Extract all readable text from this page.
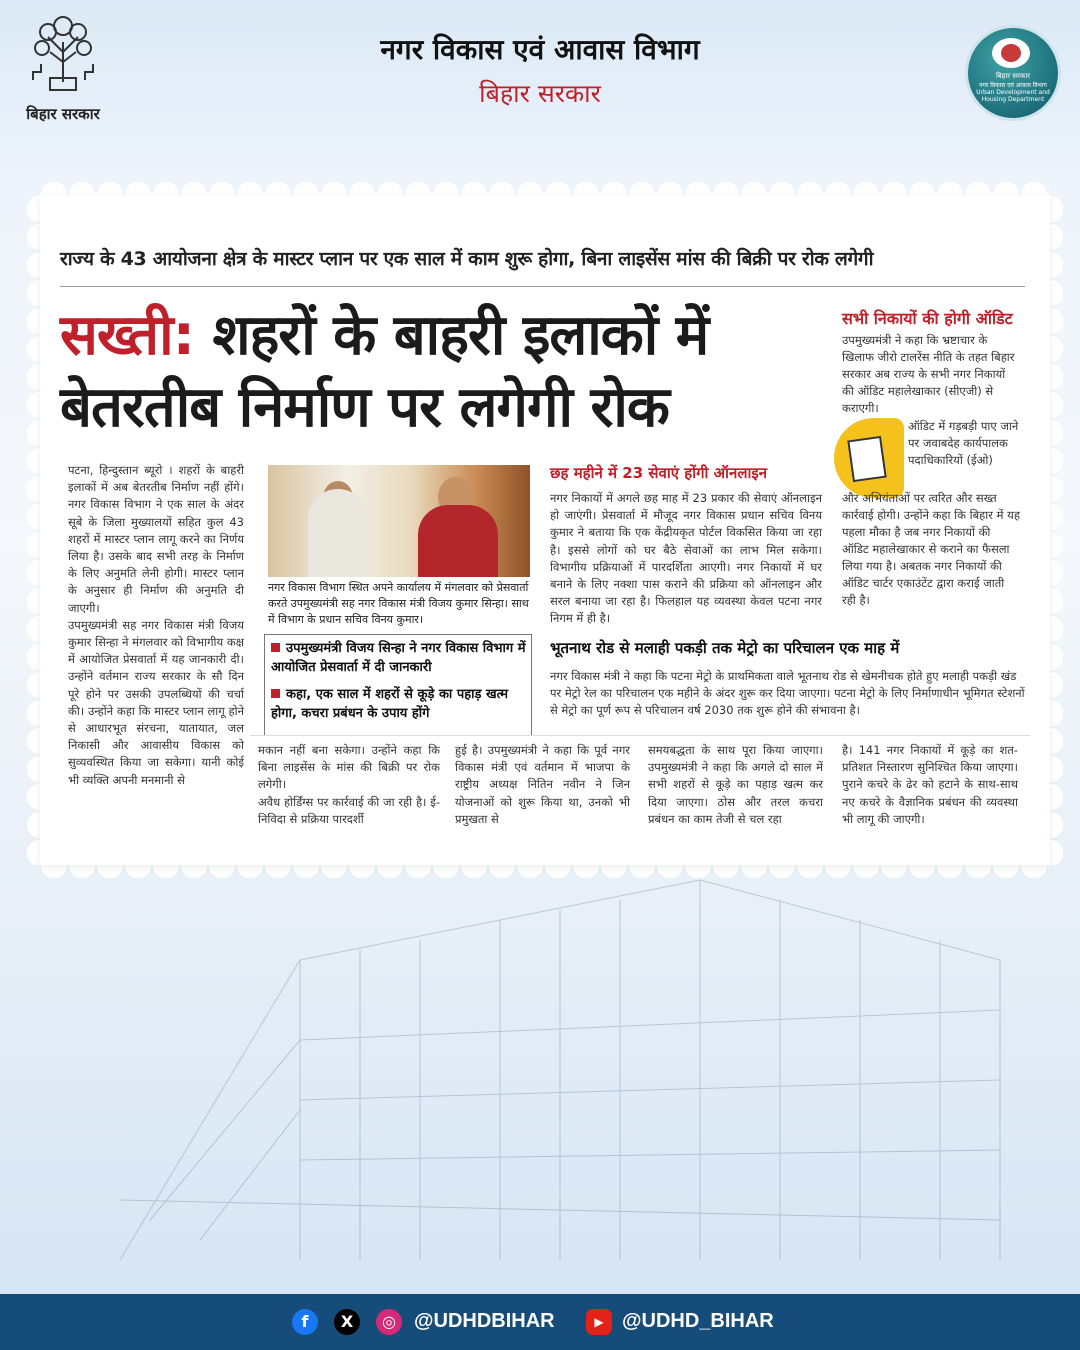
बिहार सरकार
नगर विकास एवं आवास विभाग
बिहार सरकार
बिहार सरकार
नगर विकास एवं आवास विभाग
Urban Development and Housing Department
राज्य के 43 आयोजना क्षेत्र के मास्टर प्लान पर एक साल में काम शुरू होगा, बिना लाइसेंस मांस की बिक्री पर रोक लगेगी
सख्ती: शहरों के बाहरी इलाकों में
बेतरतीब निर्माण पर लगेगी रोक
सभी निकायों की होगी ऑडिट
उपमुख्यमंत्री ने कहा कि भ्रष्टाचार के खिलाफ जीरो टालरेंस नीति के तहत बिहार सरकार अब राज्य के सभी नगर निकायों की ऑडिट महालेखाकार (सीएजी) से कराएगी।
ऑडिट में गड़बड़ी पाए जाने पर जवाबदेह कार्यपालक पदाधिकारियों (ईओ)
और अभियंताओं पर त्वरित और सख्त कार्रवाई होगी। उन्होंने कहा कि बिहार में यह पहला मौका है जब नगर निकायों की ऑडिट महालेखाकार से कराने का फैसला लिया गया है। अबतक नगर निकायों की ऑडिट चार्टर एकाउंटेंट द्वारा कराई जाती रही है।
पटना, हिन्दुस्तान ब्यूरो । शहरों के बाहरी इलाकों में अब बेतरतीब निर्माण नहीं होंगे। नगर विकास विभाग ने एक साल के अंदर सूबे के जिला मुख्यालयों सहित कुल 43 शहरों में मास्टर प्लान लागू करने का निर्णय लिया है। उसके बाद सभी तरह के निर्माण के लिए अनुमति लेनी होगी। मास्टर प्लान के अनुसार ही निर्माण की अनुमति दी जाएगी।
उपमुख्यमंत्री सह नगर विकास मंत्री विजय कुमार सिन्हा ने मंगलवार को विभागीय कक्ष में आयोजित प्रेसवार्ता में यह जानकारी दी। उन्होंने वर्तमान राज्य सरकार के सौ दिन पूरे होने पर उसकी उपलब्धियों की चर्चा की। उन्होंने कहा कि मास्टर प्लान लागू होने से आधारभूत संरचना, यातायात, जल निकासी और आवासीय विकास को सुव्यवस्थित किया जा सकेगा। यानी कोई भी व्यक्ति अपनी मनमानी से
नगर विकास विभाग स्थित अपने कार्यालय में मंगलवार को प्रेसवार्ता करते उपमुख्यमंत्री सह नगर विकास मंत्री विजय कुमार सिन्हा। साथ में विभाग के प्रधान सचिव विनय कुमार।
उपमुख्यमंत्री विजय सिन्हा ने नगर विकास विभाग में आयोजित प्रेसवार्ता में दी जानकारी
कहा, एक साल में शहरों से कूड़े का पहाड़ खत्म होगा, कचरा प्रबंधन के उपाय होंगे
छह महीने में 23 सेवाएं होंगी ऑनलाइन
नगर निकायों में अगले छह माह में 23 प्रकार की सेवाएं ऑनलाइन हो जाएंगी। प्रेसवार्ता में मौजूद नगर विकास प्रधान सचिव विनय कुमार ने बताया कि एक केंद्रीयकृत पोर्टल विकसित किया जा रहा है। इससे लोगों को घर बैठे सेवाओं का लाभ मिल सकेगा। विभागीय प्रक्रियाओं में पारदर्शिता आएगी। नगर निकायों में घर बनाने के लिए नक्शा पास कराने की प्रक्रिया को ऑनलाइन और सरल बनाया जा रहा है। फिलहाल यह व्यवस्था केवल पटना नगर निगम में ही है।
भूतनाथ रोड से मलाही पकड़ी तक मेट्रो का परिचालन एक माह में
नगर विकास मंत्री ने कहा कि पटना मेट्रो के प्राथमिकता वाले भूतनाथ रोड से खेमनीचक होते हुए मलाही पकड़ी खंड पर मेट्रो रेल का परिचालन एक महीने के अंदर शुरू कर दिया जाएगा। पटना मेट्रो के लिए निर्माणाधीन भूमिगत स्टेशनों से मेट्रो का पूर्ण रूप से परिचालन वर्ष 2030 तक शुरू होने की संभावना है।
मकान नहीं बना सकेगा। उन्होंने कहा कि बिना लाइसेंस के मांस की बिक्री पर रोक लगेगी।
अवैध होर्डिंग्स पर कार्रवाई की जा रही है। ई- निविदा से प्रक्रिया पारदर्शी
हुई है। उपमुख्यमंत्री ने कहा कि पूर्व नगर विकास मंत्री एवं वर्तमान में भाजपा के राष्ट्रीय अध्यक्ष नितिन नवीन ने जिन योजनाओं को शुरू किया था, उनको भी प्रमुखता से
समयबद्धता के साथ पूरा किया जाएगा। उपमुख्यमंत्री ने कहा कि अगले दो साल में सभी शहरों से कूड़े का पहाड़ खत्म कर दिया जाएगा। ठोस और तरल कचरा प्रबंधन का काम तेजी से चल रहा
है। 141 नगर निकायों में कूड़े का शत-प्रतिशत निस्तारण सुनिश्चित किया जाएगा। पुराने कचरे के ढेर को हटाने के साथ-साथ नए कचरे के वैज्ञानिक प्रबंधन की व्यवस्था भी लागू की जाएगी।
f	X	◎ @UDHDBIHAR	▶ @UDHD_BIHAR
